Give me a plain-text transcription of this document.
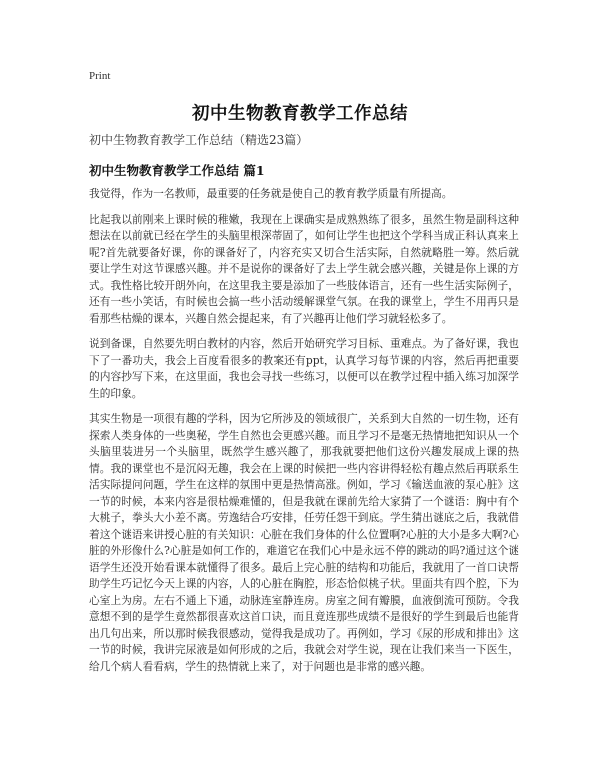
Print
初中生物教育教学工作总结
初中生物教育教学工作总结（精选23篇）
初中生物教育教学工作总结 篇1

我觉得，作为一名教师，最重要的任务就是使自己的教育教学质量有所提高。

比起我以前刚来上课时候的稚嫩，我现在上课确实是成熟熟练了很多，虽然生物是副科这种想法在以前就已经在学生的头脑里根深蒂固了，如何让学生也把这个学科当成正科认真来上呢?首先就要备好课，你的课备好了，内容充实又切合生活实际，自然就略胜一筹。然后就要让学生对这节课感兴趣。并不是说你的课备好了去上学生就会感兴趣，关键是你上课的方式。我性格比较开朗外向，在这里我主要是添加了一些肢体语言，还有一些生活实际例子，还有一些小笑话，有时候也会搞一些小活动缓解课堂气氛。在我的课堂上，学生不用再只是看那些枯燥的课本，兴趣自然会提起来，有了兴趣再让他们学习就轻松多了。

说到备课，自然要先明白教材的内容，然后开始研究学习目标、重难点。为了备好课，我也下了一番功夫，我会上百度看很多的教案还有ppt，认真学习每节课的内容，然后再把重要的内容抄写下来，在这里面，我也会寻找一些练习，以便可以在教学过程中插入练习加深学生的印象。

其实生物是一项很有趣的学科，因为它所涉及的领域很广，关系到大自然的一切生物，还有探索人类身体的一些奥秘，学生自然也会更感兴趣。而且学习不是毫无热情地把知识从一个头脑里装进另一个头脑里，既然学生感兴趣了，那我就要把他们这份兴趣发展成上课的热情。我的课堂也不是沉闷无趣，我会在上课的时候把一些内容讲得轻松有趣点然后再联系生活实际提问问题，学生在这样的氛围中更是热情高涨。例如，学习《输送血液的泵心脏》这一节的时候，本来内容是很枯燥难懂的，但是我就在课前先给大家猜了一个谜语：胸中有个大桃子，拳头大小差不离。劳逸结合巧安排，任劳任怨干到底。学生猜出谜底之后，我就借着这个谜语来讲授心脏的有关知识：心脏在我们身体的什么位置啊?心脏的大小是多大啊?心脏的外形像什么?心脏是如何工作的，难道它在我们心中是永远不停的跳动的吗?通过这个谜语学生还没开始看课本就懂得了很多。最后上完心脏的结构和功能后，我就用了一首口诀帮助学生巧记忆今天上课的内容，人的心脏在胸腔，形态恰似桃子状。里面共有四个腔，下为心室上为房。左右不通上下通，动脉连室静连房。房室之间有瓣膜，血液倒流可预防。令我意想不到的是学生竟然都很喜欢这首口诀，而且竟连那些成绩不是很好的学生到最后也能背出几句出来，所以那时候我很感动，觉得我是成功了。再例如，学习《尿的形成和排出》这一节的时候，我讲完尿液是如何形成的之后，我就会对学生说，现在让我们来当一下医生，给几个病人看看病，学生的热情就上来了，对于问题也是非常的感兴趣。
